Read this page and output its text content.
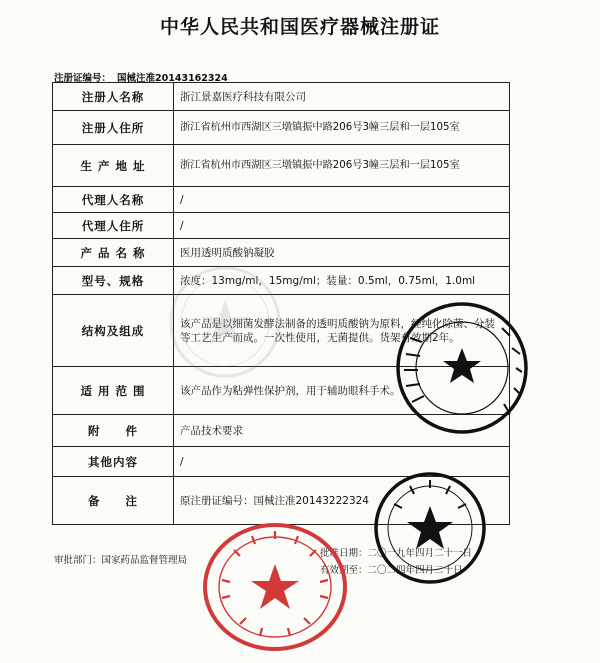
中华人民共和国医疗器械注册证
注册证编号： 国械注准20143162324
注册人名称	浙江景嘉医疗科技有限公司
注册人住所	浙江省杭州市西湖区三墩镇振中路206号3幢三层和一层105室
生 产 地 址	浙江省杭州市西湖区三墩镇振中路206号3幢三层和一层105室
代理人名称	/
代理人住所	/
产 品 名 称	医用透明质酸钠凝胶
型号、规格	浓度：13mg/ml，15mg/ml；装量：0.5ml，0.75ml，1.0ml
结构及组成	该产品是以细菌发酵法制备的透明质酸钠为原料，经纯化除菌、分装等工艺生产而成。一次性使用，无菌提供。货架有效期2年。
适 用 范 围	该产品作为粘弹性保护剂，用于辅助眼科手术。
附　　件	产品技术要求
其他内容	/
备　　注	原注册证编号：国械注准20143222324
审批部门：国家药品监督管理局
批准日期：二〇一九年四月二十一日
有效期至：二〇二四年四月二十日
